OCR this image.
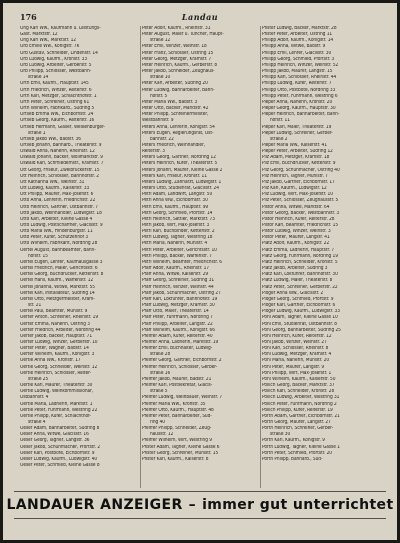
176	Landau
Ong Karl Ww., Kaufmann u. Leistungs-
Gast. Marktstr. 12
Ong Karl Ww., Marktstr. 12
Orb Emilie Ww., Königstr. 76
Orb Gustav, Schneider, Lindenstr. 14
Orb Ludwig, Kaufm., Kronstr. 33
Orb Ludwig, Arbeiter, Gerberstr. 5
Orb Philipp, Schlosser, Westbahn-
straße 14
Orth Emil, Kaufm., Hauptstr. 145
Orth Friedrich, Winzer, Reiterstr. 6
Orth Karl, Metzger, Schlachthofstr. 1
Orth Peter, Schreiner, Ostring 61
Orth Wilhelm, Fabrikarb., Südring 5
Ortlieb Emma Ww., Eichbornstr. 24
Ortlieb Georg, Kaufm., Reiterstr. 16
Ortlieb Hermann, Glaser, Weißenburger-
straße 1
Ortlieb Jakob Ww., Badstr. 36
Ortlieb Johann, Bahnarb., Theaterstr. 9
Oswald Anna, Näherin, Rheinstr. 12
Oswald Johann, Bäcker, Wollmarktstr. 9
Oswald Karl, Schmiedemstr., Kramstr. 7
Ott Georg, Friseur, Zweibrückerstr. 15
Ott Heinrich, Schlosser, Bahnhofstr. 2
Ott Katharina Ww., Weinstr. 31
Ott Ludwig, Kaufm., Kaiserstr. 33
Ott Philipp, Maurer, Max-Josefstr. 6
Otto Anna, Lehrerin, Friedrichstr. 22
Otto Heinrich, Gärtner, Ostbahnstr. 7
Otto Jakob, Weinhändler, Ludwigstr. 18
Otto Karl, Arbeiter, Kleine Gasse 4
Otto Ludwig, Postschaffner, Glacisstr. 9
Otto Maria Ww., Hindenburgstr. 11
Otto Peter, Küfer, Schützenhof 3
Otto Wilhelm, Fabrikant, Nordring 28
Oertel August, Bahnbeamter, Bahn-
hofstr. 15
Oertel Eugen, Lehrer, Kaufhausgasse 3
Oertel Friedrich, Maler, Gerichtsstr. 6
Oertel Georg, Buchdrucker, Kettenstr. 8
Oertel Hans, Kaufm., Waffenstr. 12
Oertel Johanna, Witwe, Marktstr. 55
Oertel Karl, Installateur, Südring 14
Oertel Otto, Metzgermeister, Kram-
str. 21
Oertel Paul, Beamter, Mühlstr. 9
Oerter Anton, Schreiner, Rheinstr. 19
Oerter Emma, Näherin, Ostring 3
Oerter Friedrich, Arbeiter, Nordring 44
Oerter Jakob, Bäcker, Hauptstr. 71
Oerter Ludwig, Winzer, Gerberstr. 10
Oerter Peter, Wagner, Badstr. 14
Oerter Wilhelm, Kaufm., Königstr. 3
Oertle Anna Ww., Kronstr. 17
Oertle Georg, Schneider, Weinstr. 12
Oertle Heinrich, Schlosser, Reiter-
straße 25
Oertle Karl, Maurer, Theaterstr. 30
Oertle Ludwig, Weinkommissionär,
Ostbahnstr. 4
Oertle Maria, Ladnerin, Marktstr. 1
Oertle Peter, Fuhrmann, Westring 22
Oertle Philipp, Küfer, Schlachthof-
straße 4
Oeser Adam, Bahnarbeiter, Südring 8
Oeser Anna, Witwe, Glacisstr. 16
Oeser Georg, Tagner, Langstr. 36
Oeser Jakob, Schuhmacher, Pfortstr. 2
Oeser Karl, Postbote, Eichbornstr. 9
Oeser Ludwig, Kaufm., Ludwigstr. 40
Oeser Peter, Schmied, Kleine Gasse 8
Peter Adolf, Kaufm., Rheinstr. 31
Peter August, Maler u. Tüncher, Haupt-
straße 12
Peter Emil, Winzer, Weinstr. 18
Peter Franz, Schlosser, Ostring 15
Peter Georg, Metzger, Kramstr. 7
Peter Heinrich, Kaufm., Gerberstr. 8
Peter Jakob, Schneider, Zeughaus-
straße 10
Peter Karl, Arbeiter, Südring 20
Peter Ludwig, Bahnarbeiter, Bahn-
hofstr. 5
Peter Maria Ww., Badstr. 3
Peter Otto, Bäcker, Marktstr. 42
Peter Philipp, Schreinermeister,
Westbahnstr. 9
Peters Anna, Lehrerin, Königstr. 54
Peters Eugen, Regierungsrat, Ost-
bahnstr. 22
Peters Friedrich, Weinhändler,
Reiterstr. 3
Peters Georg, Gärtner, Nordring 12
Peters Heinrich, Küfer, Theaterstr. 5
Peters Johann, Maurer, Kleine Gasse 2
Peters Karl, Friseur, Kronstr. 11
Peters Ludwig, Zahnarzt, Ludwigstr. 1
Peters Otto, Studienrat, Glacisstr. 24
Petri Adam, Landwirt, Langstr. 50
Petri Anna Ww., Eichbornstr. 30
Petri Emil, Kaufm., Hauptstr. 99
Petri Georg, Schmied, Pfortstr. 14
Petri Heinrich, Sattler, Marktstr. 73
Petri Jakob, Wirt, Max-Josefstr. 3
Petri Karl, Buchbinder, Kettenstr. 2
Petri Ludwig, Tagner, Westring 18
Petri Maria, Näherin, Mühlstr. 4
Petri Peter, Arbeiter, Gerichtsstr. 10
Petri Philipp, Bäcker, Waffenstr. 7
Petri Wilhelm, Beamter, Friedrichstr. 6
Pfaff Adolf, Kaufm., Rheinstr. 17
Pfaff Anna, Witwe, Kaiserstr. 29
Pfaff Georg, Schreiner, Südring 31
Pfaff Heinrich, Winzer, Weinstr. 44
Pfaff Jakob, Schuhmacher, Ostring 27
Pfaff Karl, Lokführer, Bahnhofstr. 19
Pfaff Ludwig, Metzger, Kramstr. 30
Pfaff Otto, Maler, Theaterstr. 14
Pfaff Peter, Fuhrmann, Nordring 7
Pfaff Philipp, Arbeiter, Langstr. 22
Pfaff Wilhelm, Kaufm., Königstr. 66
Pfeiffer Adam, Küfer, Reiterstr. 40
Pfeiffer Anna, Ladnerin, Marktstr. 19
Pfeiffer Emil, Buchhalter, Ludwig-
straße 28
Pfeiffer Georg, Gärtner, Eichbornstr. 2
Pfeiffer Heinrich, Schlosser, Gerber-
straße 16
Pfeiffer Jakob, Maurer, Badstr. 21
Pfeiffer Karl, Postsekretär, Glacis-
straße 5
Pfeiffer Ludwig, Weinbauer, Weinstr. 7
Pfeiffer Maria Ww., Kronstr. 35
Pfeiffer Otto, Kaufm., Hauptstr. 48
Pfeiffer Peter, Bahnarbeiter, Süd-
ring 40
Pfeiffer Philipp, Schneider, Zeug-
hausstr. 12
Pfeiffer Wilhelm, Wirt, Westring 9
Pfister Adam, Tagner, Kleine Gasse 6
Pfister Georg, Schreiner, Mühlstr. 15
Pfister Karl, Kaufm., Kaiserstr. 8
Pfister Ludwig, Bäcker, Marktstr. 28
Pfister Peter, Arbeiter, Ostring 11
Philipp Adolf, Kaufm., Königstr. 14
Philipp Anna, Witwe, Badstr. 9
Philipp Emil, Lehrer, Glacisstr. 30
Philipp Georg, Schmied, Pfortstr. 3
Philipp Heinrich, Winzer, Weinstr. 52
Philipp Jakob, Maurer, Langstr. 15
Philipp Karl, Schlosser, Rheinstr. 44
Philipp Ludwig, Küfer, Reiterstr. 7
Philipp Otto, Postbote, Nordring 33
Philipp Peter, Fuhrmann, Westring 6
Pieper Anna, Näherin, Kronstr. 20
Pieper Georg, Kaufm., Hauptstr. 30
Pieper Heinrich, Bahnarbeiter, Bahn-
hofstr. 11
Pieper Karl, Maler, Theaterstr. 19
Pieper Ludwig, Schreiner, Gerber-
straße 2
Pieper Maria Ww., Kaiserstr. 41
Pieper Peter, Arbeiter, Südring 12
Pilz Adam, Metzger, Kramstr. 18
Pilz Emil, Buchdrucker, Kettenstr. 9
Pilz Georg, Schuhmacher, Ostring 40
Pilz Heinrich, Tagner, Mühlstr. 7
Pilz Jakob, Gärtner, Eichbornstr. 17
Pilz Karl, Kaufm., Ludwigstr. 12
Pilz Ludwig, Wirt, Max-Josefstr. 10
Pilz Peter, Schlosser, Zeughausstr. 5
Pistor Anna, Witwe, Marktstr. 64
Pistor Georg, Bäcker, Westbahnstr. 3
Pistor Heinrich, Küfer, Reiterstr. 28
Pistor Karl, Beamter, Friedrichstr. 15
Pistor Ludwig, Winzer, Weinstr. 3
Pistor Peter, Maurer, Langstr. 41
Platz Adolf, Kaufm., Königstr. 22
Platz Emma, Ladnerin, Hauptstr. 7
Platz Georg, Fuhrmann, Nordring 19
Platz Heinrich, Schneider, Kronstr. 5
Platz Jakob, Arbeiter, Südring 3
Platz Karl, Lokführer, Bahnhofstr. 30
Platz Ludwig, Maler, Theaterstr. 8
Platz Peter, Schreiner, Gerberstr. 22
Plöger Anna Ww., Glacisstr. 2
Plöger Georg, Schmied, Pfortstr. 9
Plöger Karl, Gärtner, Eichbornstr. 6
Plöger Ludwig, Kaufm., Ludwigstr. 33
Pohl Adam, Tagner, Kleine Gasse 10
Pohl Emil, Studienrat, Ostbahnstr. 8
Pohl Georg, Bahnarbeiter, Südring 25
Pohl Heinrich, Küfer, Reiterstr. 12
Pohl Jakob, Winzer, Weinstr. 27
Pohl Karl, Schlosser, Rheinstr. 8
Pohl Ludwig, Metzger, Kramstr. 4
Pohl Maria, Näherin, Mühlstr. 20
Pohl Peter, Maurer, Langstr. 9
Pohl Philipp, Wirt, Max-Josefstr. 1
Pohl Wilhelm, Kaufm., Kaiserstr. 50
Pollich Georg, Bäcker, Marktstr. 37
Pollich Karl, Schneider, Kronstr. 28
Pollich Ludwig, Arbeiter, Westring 31
Pollich Peter, Fuhrmann, Nordring 2
Pollich Philipp, Küfer, Reiterstr. 19
Porth Adam, Gärtner, Eichbornstr. 21
Porth Georg, Maurer, Langstr. 27
Porth Heinrich, Schreiner, Gerber-
straße 30
Porth Karl, Kaufm., Königstr. 9
Porth Ludwig, Tagner, Kleine Gasse 1
Porth Peter, Schmied, Pfortstr. 20
Porth Philipp, Bahnarb., Süd-
LANDAUER ANZEIGER – immer gut unterrichtet
